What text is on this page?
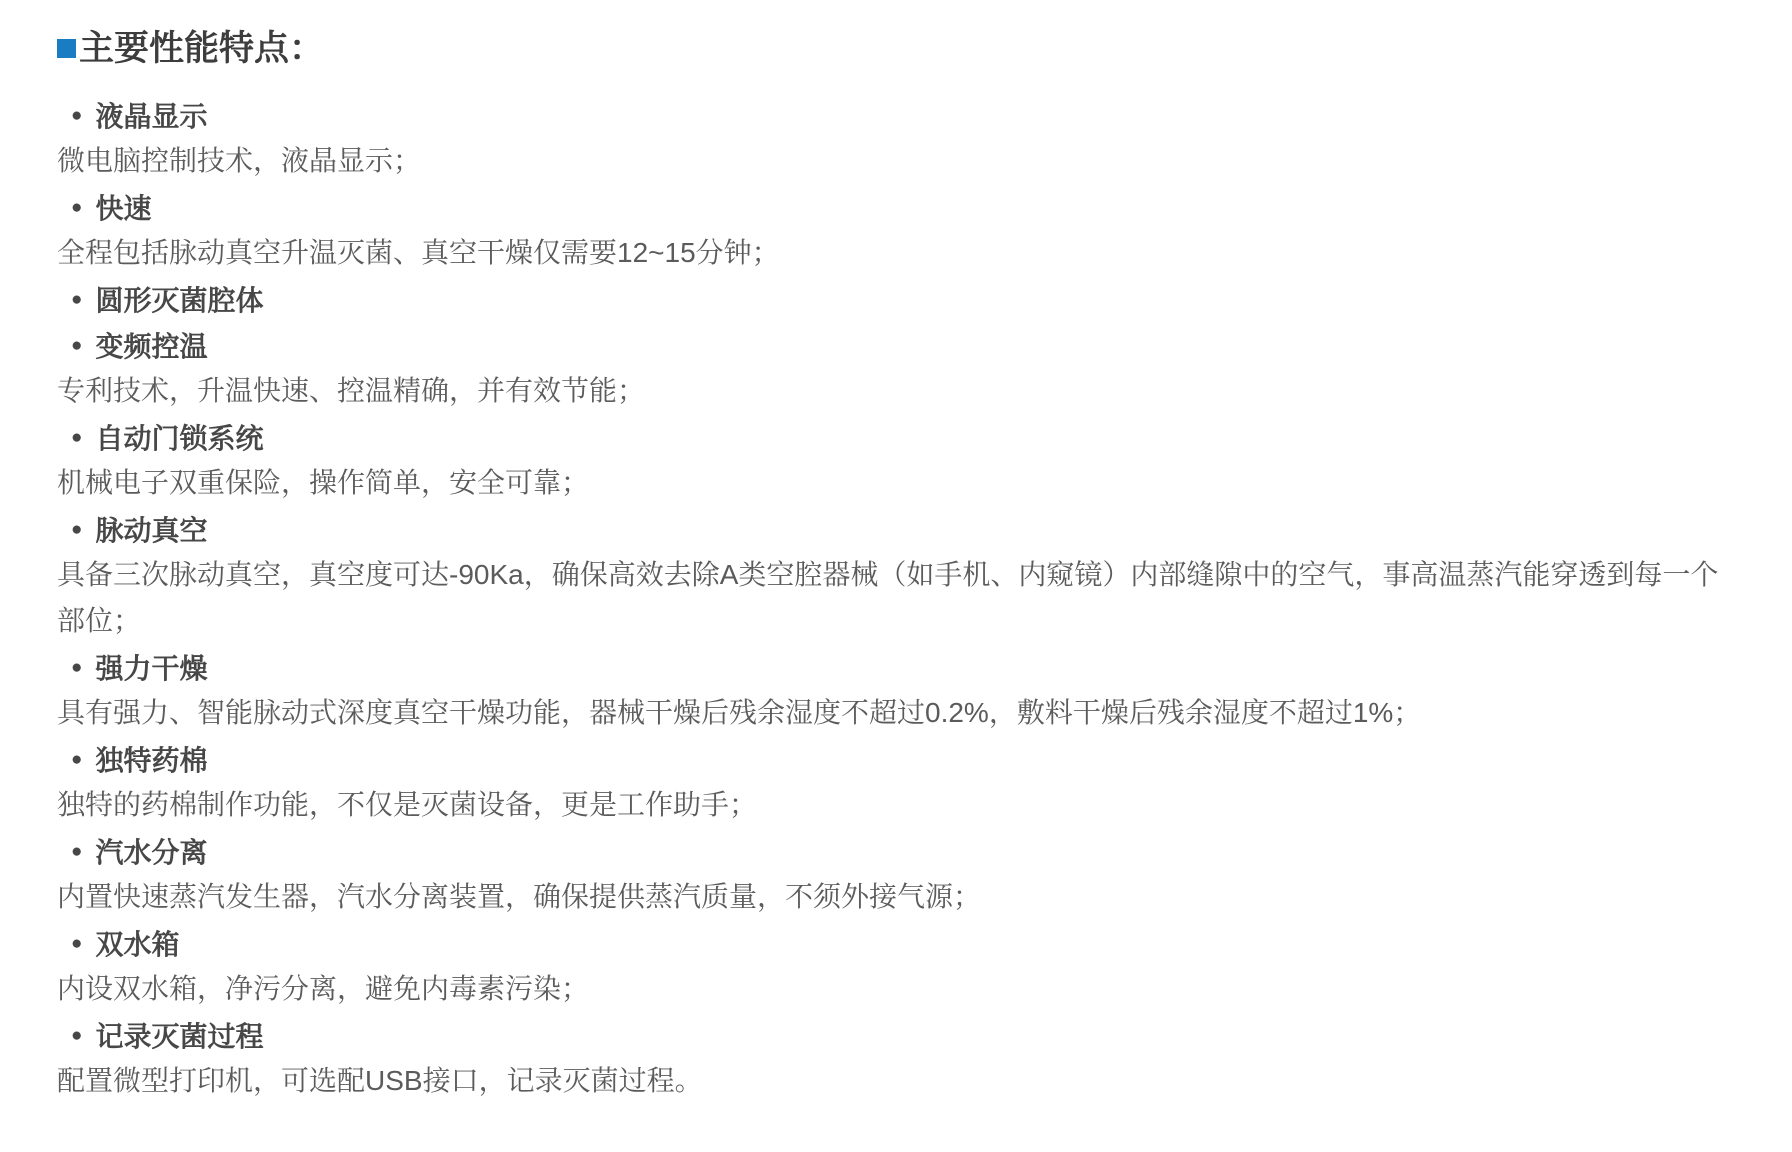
主要性能特点：
● 液晶显示

微电脑控制技术，液晶显示；

● 快速

全程包括脉动真空升温灭菌、真空干燥仅需要12~15分钟；

● 圆形灭菌腔体
● 变频控温

专利技术，升温快速、控温精确，并有效节能；

● 自动门锁系统

机械电子双重保险，操作简单，安全可靠；

● 脉动真空

具备三次脉动真空，真空度可达-90Ka，确保高效去除A类空腔器械（如手机、内窥镜）内部缝隙中的空气，事高温蒸汽能穿透到每一个部位；

● 强力干燥

具有强力、智能脉动式深度真空干燥功能，器械干燥后残余湿度不超过0.2%，敷料干燥后残余湿度不超过1%；

● 独特药棉

独特的药棉制作功能，不仅是灭菌设备，更是工作助手；

● 汽水分离

内置快速蒸汽发生器，汽水分离装置，确保提供蒸汽质量，不须外接气源；

● 双水箱

内设双水箱，净污分离，避免内毒素污染；

● 记录灭菌过程

配置微型打印机，可选配USB接口，记录灭菌过程。
